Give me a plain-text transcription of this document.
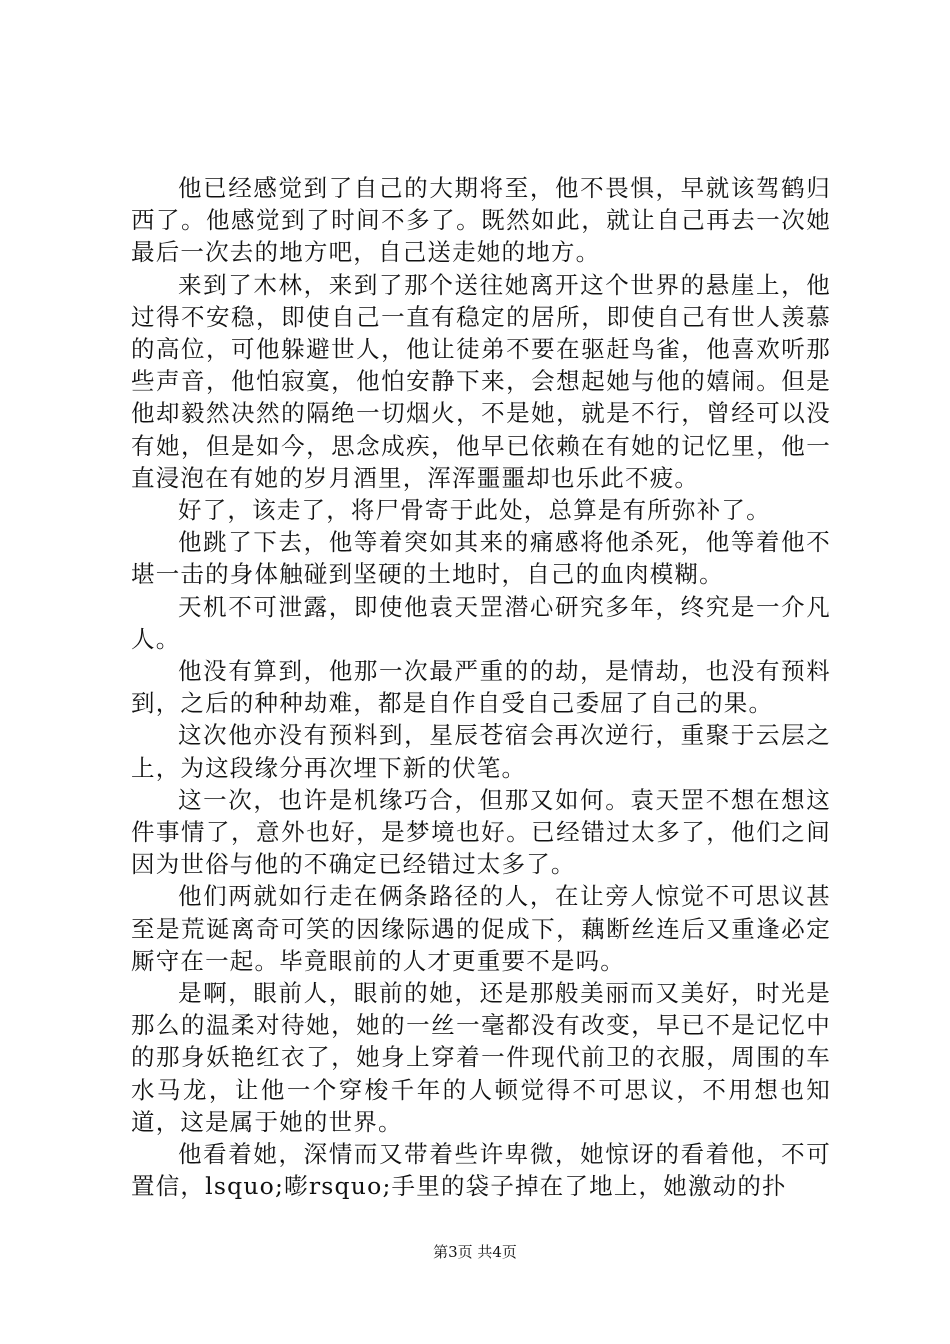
他已经感觉到了自己的大期将至，他不畏惧，早就该驾鹤归西了。他感觉到了时间不多了。既然如此，就让自己再去一次她最后一次去的地方吧，自己送走她的地方。

来到了木林，来到了那个送往她离开这个世界的悬崖上，他过得不安稳，即使自己一直有稳定的居所，即使自己有世人羡慕的高位，可他躲避世人，他让徒弟不要在驱赶鸟雀，他喜欢听那些声音，他怕寂寞，他怕安静下来，会想起她与他的嬉闹。但是他却毅然决然的隔绝一切烟火，不是她，就是不行，曾经可以没有她，但是如今，思念成疾，他早已依赖在有她的记忆里，他一直浸泡在有她的岁月酒里，浑浑噩噩却也乐此不疲。

好了，该走了，将尸骨寄于此处，总算是有所弥补了。

他跳了下去，他等着突如其来的痛感将他杀死，他等着他不堪一击的身体触碰到坚硬的土地时，自己的血肉模糊。

天机不可泄露，即使他袁天罡潜心研究多年，终究是一介凡人。

他没有算到，他那一次最严重的的劫，是情劫，也没有预料到，之后的种种劫难，都是自作自受自己委屈了自己的果。

这次他亦没有预料到，星辰苍宿会再次逆行，重聚于云层之上，为这段缘分再次埋下新的伏笔。

这一次，也许是机缘巧合，但那又如何。袁天罡不想在想这件事情了，意外也好，是梦境也好。已经错过太多了，他们之间因为世俗与他的不确定已经错过太多了。

他们两就如行走在俩条路径的人，在让旁人惊觉不可思议甚至是荒诞离奇可笑的因缘际遇的促成下，藕断丝连后又重逢必定厮守在一起。毕竟眼前的人才更重要不是吗。

是啊，眼前人，眼前的她，还是那般美丽而又美好，时光是那么的温柔对待她，她的一丝一毫都没有改变，早已不是记忆中的那身妖艳红衣了，她身上穿着一件现代前卫的衣服，周围的车水马龙，让他一个穿梭千年的人顿觉得不可思议，不用想也知道，这是属于她的世界。

他看着她，深情而又带着些许卑微，她惊讶的看着他，不可置信，lsquo;嘭rsquo;手里的袋子掉在了地上，她激动的扑

第3页 共4页
